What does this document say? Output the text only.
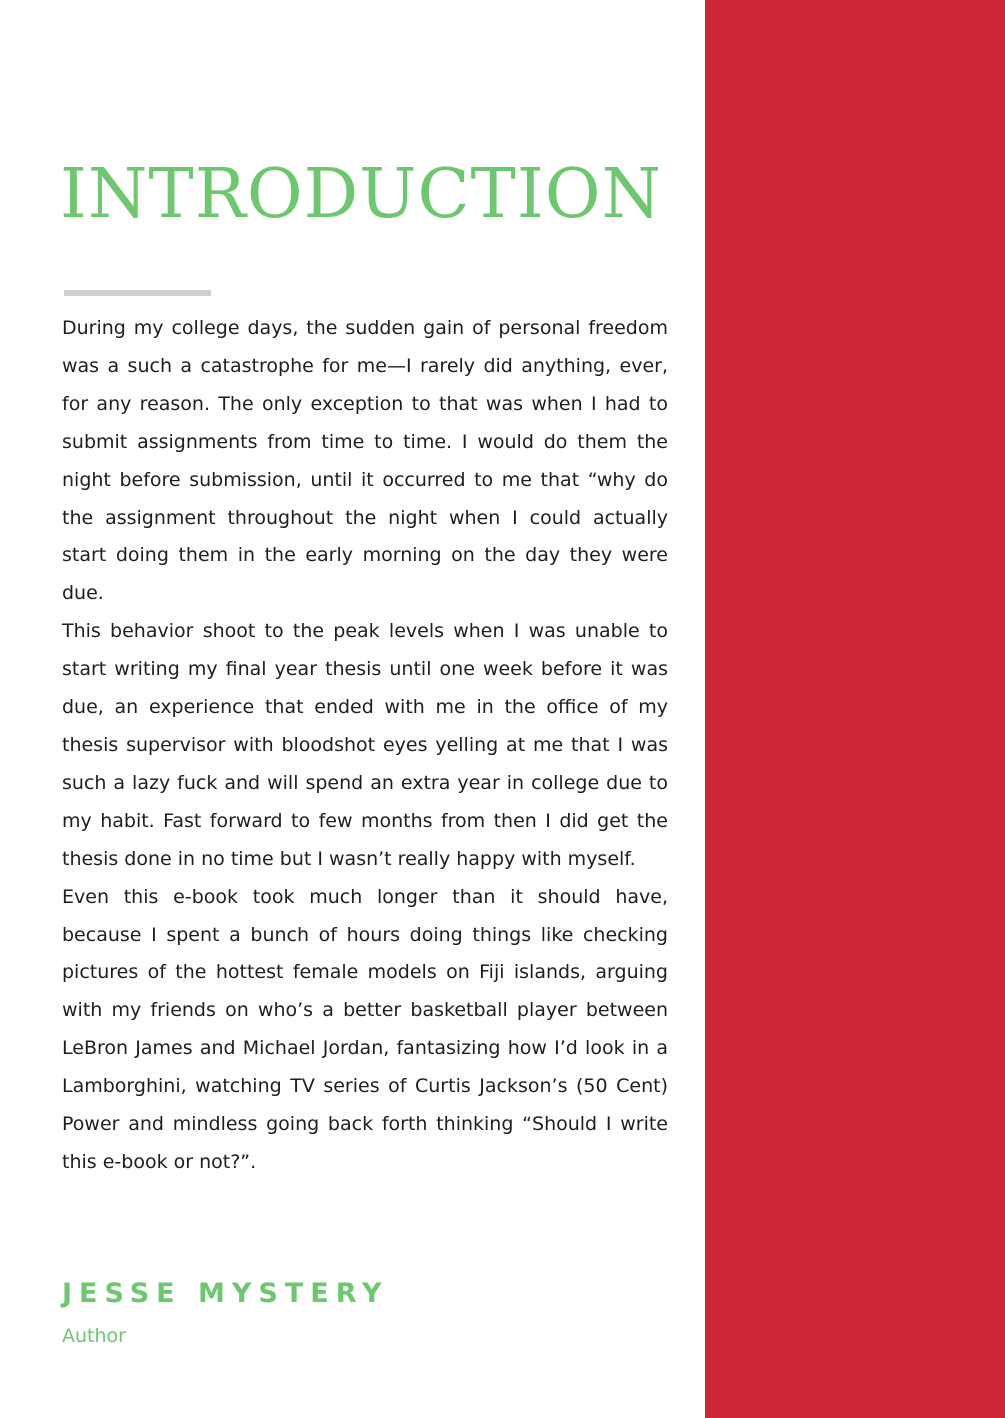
INTRODUCTION

During my college days, the sudden gain of personal freedom was a such a catastrophe for me—I rarely did anything, ever, for any reason. The only exception to that was when I had to submit assignments from time to time. I would do them the night before submission, until it occurred to me that “why do the assignment throughout the night when I could actually start doing them in the early morning on the day they were due.

This behavior shoot to the peak levels when I was unable to start writing my final year thesis until one week before it was due, an experience that ended with me in the office of my thesis supervisor with bloodshot eyes yelling at me that I was such a lazy fuck and will spend an extra year in college due to my habit. Fast forward to few months from then I did get the thesis done in no time but I wasn’t really happy with myself.

Even this e-book took much longer than it should have, because I spent a bunch of hours doing things like checking pictures of the hottest female models on Fiji islands, arguing with my friends on who’s a better basketball player between LeBron James and Michael Jordan, fantasizing how I’d look in a Lamborghini, watching TV series of Curtis Jackson’s (50 Cent) Power and mindless going back forth thinking “Should I write this e-book or not?”.

JESSE MYSTERY
Author
